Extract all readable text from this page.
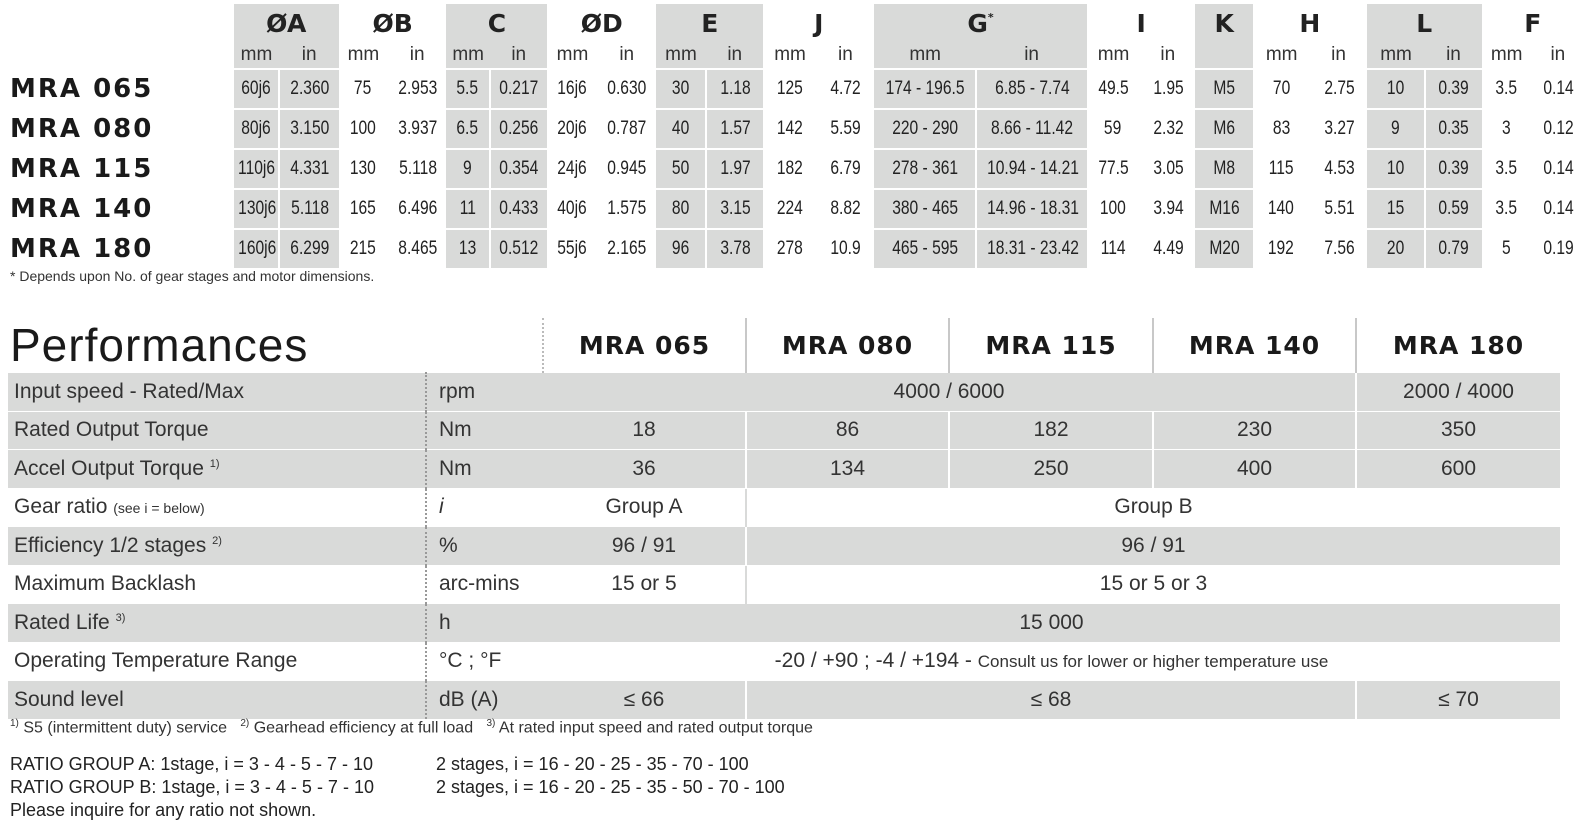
	ØA		ØB		C		ØD		E		J		G*		I		K	H		L		F	
	mm	in	mm	in	mm	in	mm	in	mm	in	mm	in	mm	in	mm	in		mm	in	mm	in	mm	in
MRA 065	60j6	2.360	75	2.953	5.5	0.217	16j6	0.630	30	1.18	125	4.72	174 - 196.5	6.85 - 7.74	49.5	1.95	M5	70	2.75	10	0.39	3.5	0.14
MRA 080	80j6	3.150	100	3.937	6.5	0.256	20j6	0.787	40	1.57	142	5.59	220 - 290	8.66 - 11.42	59	2.32	M6	83	3.27	9	0.35	3	0.12
MRA 115	110j6	4.331	130	5.118	9	0.354	24j6	0.945	50	1.97	182	6.79	278 - 361	10.94 - 14.21	77.5	3.05	M8	115	4.53	10	0.39	3.5	0.14
MRA 140	130j6	5.118	165	6.496	11	0.433	40j6	1.575	80	3.15	224	8.82	380 - 465	14.96 - 18.31	100	3.94	M16	140	5.51	15	0.59	3.5	0.14
MRA 180	160j6	6.299	215	8.465	13	0.512	55j6	2.165	96	3.78	278	10.9	465 - 595	18.31 - 23.42	114	4.49	M20	192	7.56	20	0.79	5	0.19
* Depends upon No. of gear stages and motor dimensions.
Performances		MRA 065	MRA 080	MRA 115	MRA 140	MRA 180
Input speed - Rated/Max	rpm	4000 / 6000				2000 / 4000
Rated Output Torque	Nm	18	86	182	230	350
Accel Output Torque $^{1)}$	Nm	36	134	250	400	600
Gear ratio (see i = below)	i	Group A	Group B			
Efficiency 1/2 stages $^{2)}$	%	96 / 91	96 / 91			
Maximum Backlash	arc-mins	15 or 5	15 or 5 or 3			
Rated Life $^{3)}$	h	15 000				
Operating Temperature Range	°C ; °F	-20 / +90 ; -4 / +194 - Consult us for lower or higher temperature use				
Sound level	dB (A)	≤ 66	≤ 68			≤ 70
$^{1)}$ S5 (intermittent duty) service $^{2)}$ Gearhead efficiency at full load $^{3)}$ At rated input speed and rated output torque
RATIO GROUP A: 1stage, i = 3 - 4 - 5 - 7 - 10
RATIO GROUP B: 1stage, i = 3 - 4 - 5 - 7 - 10
Please inquire for any ratio not shown.
2 stages, i = 16 - 20 - 25 - 35 - 70 - 100
2 stages, i = 16 - 20 - 25 - 35 - 50 - 70 - 100
